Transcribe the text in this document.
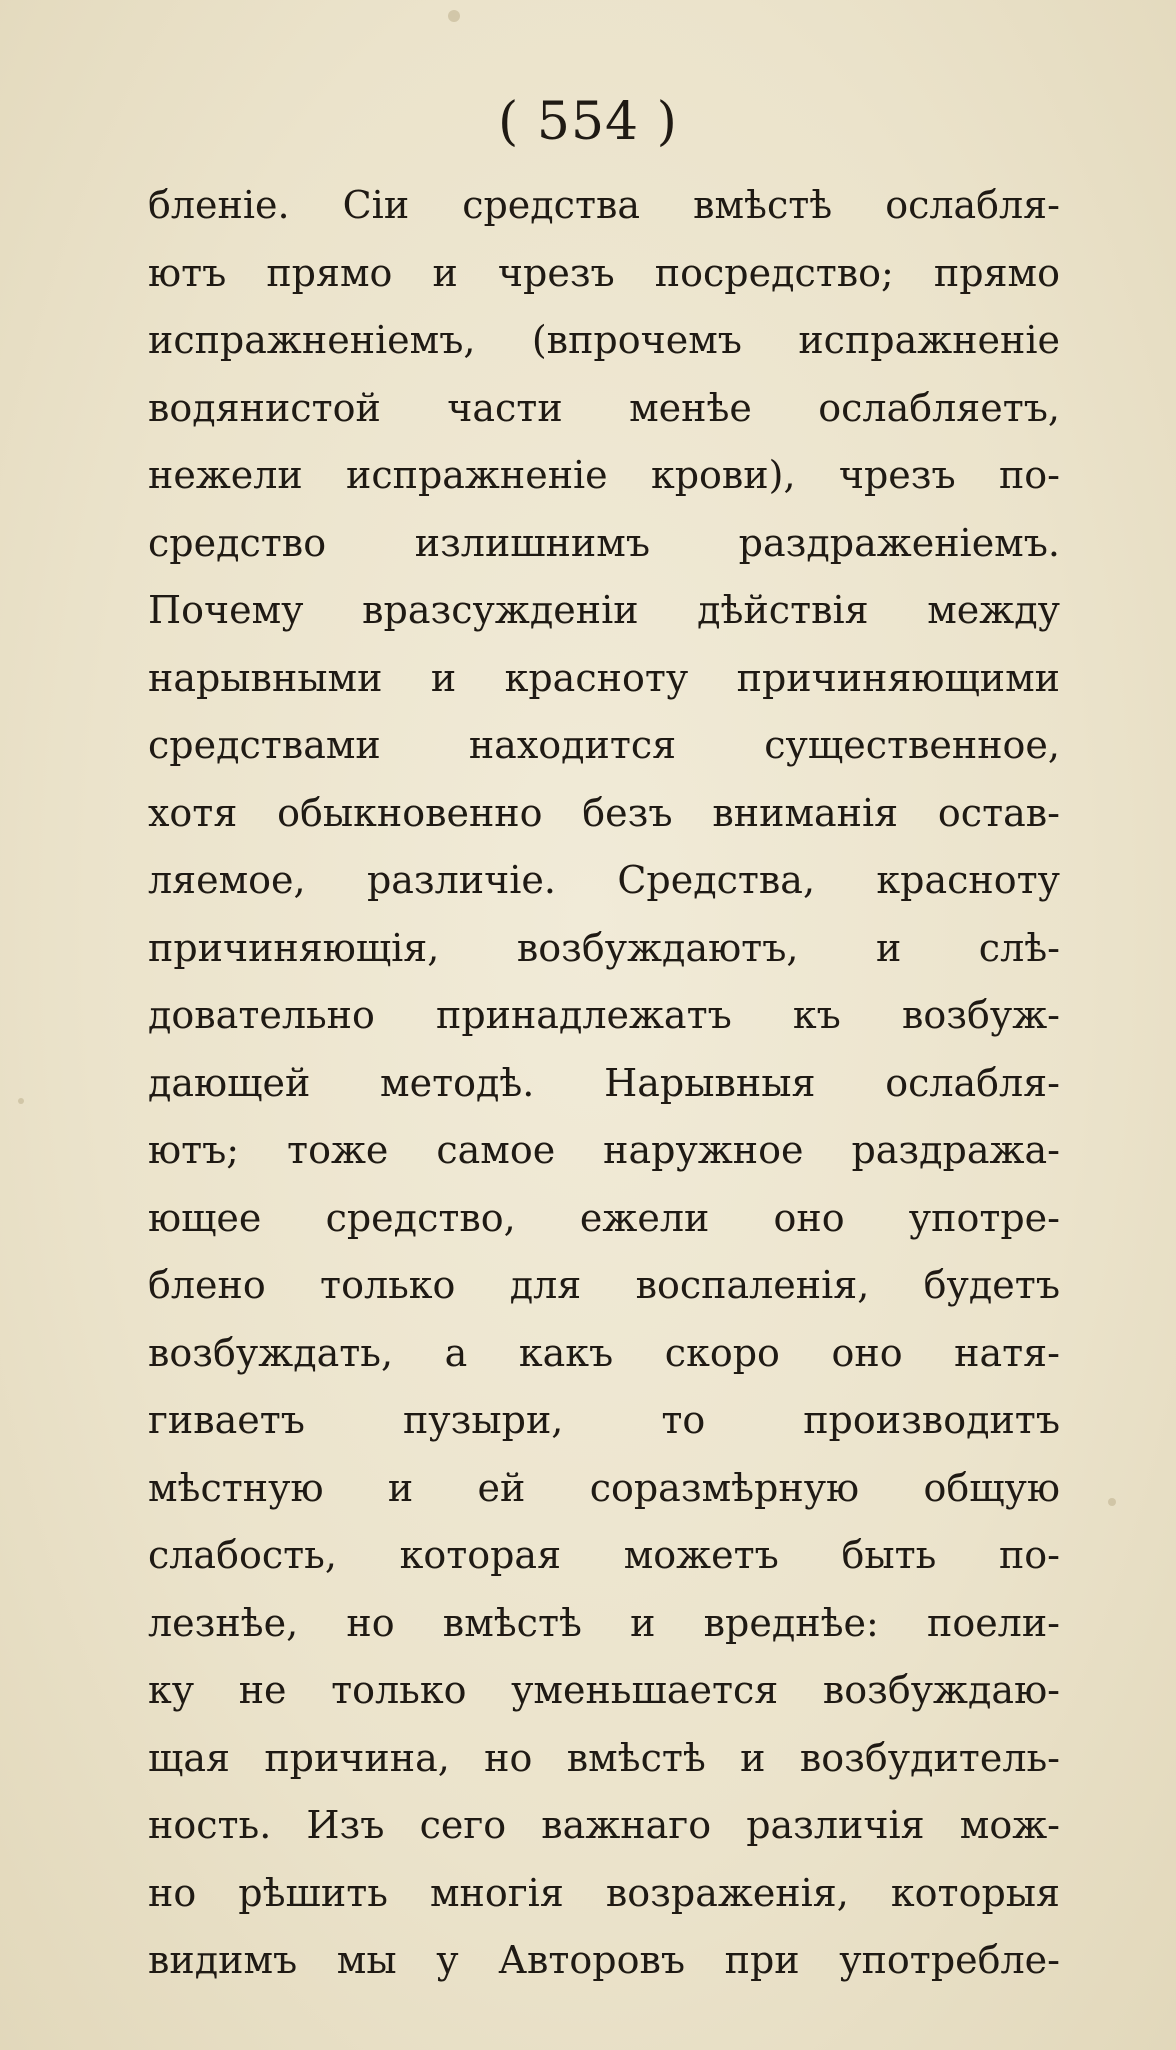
( 554 )
бленiе. Сiи средства вмѣстѣ ослабля-
ютъ прямо и чрезъ посредство; прямо
испражненiемъ, (впрочемъ испражненiе
водянистой части менѣе ослабляетъ,
нежели испражненiе крови), чрезъ по-
средство излишнимъ раздраженiемъ.
Почему вразсужденiи дѣйствiя между
нарывными и красноту причиняющими
средствами находится существенное,
хотя обыкновенно безъ вниманiя остав-
ляемое, различiе. Средства, красноту
причиняющiя, возбуждаютъ, и слѣ-
довательно принадлежатъ къ возбуж-
дающей методѣ. Нарывныя ослабля-
ютъ; тоже самое наружное раздража-
ющее средство, ежели оно употре-
блено только для воспаленiя, будетъ
возбуждать, а какъ скоро оно натя-
гиваетъ пузыри, то производитъ
мѣстную и ей соразмѣрную общую
слабость, которая можетъ быть по-
лезнѣе, но вмѣстѣ и вреднѣе: поели-
ку не только уменьшается возбуждаю-
щая причина, но вмѣстѣ и возбудитель-
ность. Изъ сего важнаго различiя мож-
но рѣшить многiя возраженiя, которыя
видимъ мы у Авторовъ при употребле-
